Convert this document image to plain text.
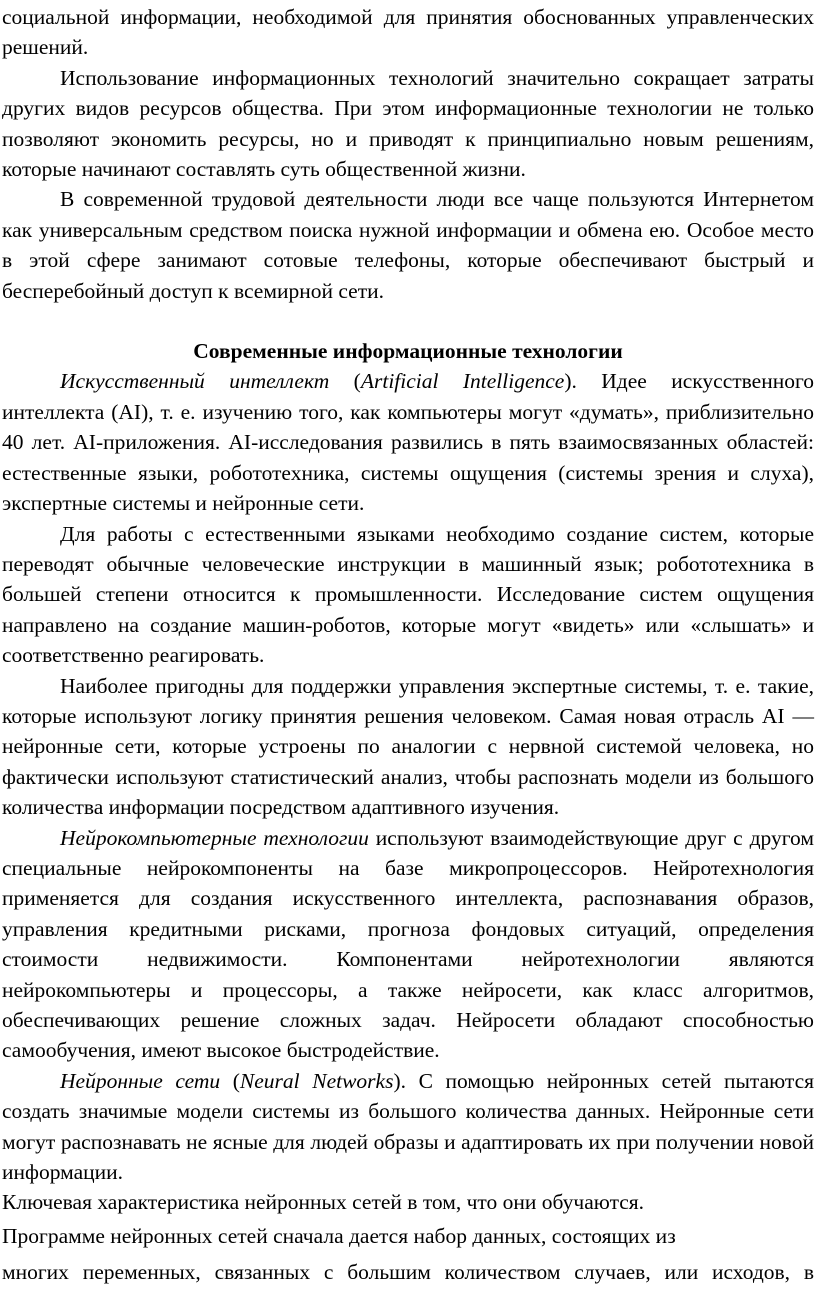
социальной информации, необходимой для принятия обоснованных управленческих решений.

Использование информационных технологий значительно сокращает затраты других видов ресурсов общества. При этом информационные технологии не только позволяют экономить ресурсы, но и приводят к принципиально новым решениям, которые начинают составлять суть общественной жизни.

В современной трудовой деятельности люди все чаще пользуются Интернетом как универсальным средством поиска нужной информации и обмена ею. Особое место в этой сфере занимают сотовые телефоны, которые обеспечивают быстрый и бесперебойный доступ к всемирной сети.

Современные информационные технологии

Искусственный интеллект (Artificial Intelligence). Идее искусственного интеллекта (AI), т. е. изучению того, как компьютеры могут «думать», приблизительно 40 лет. AI-приложения. AI-исследования развились в пять взаимосвязанных областей: естественные языки, робототехника, системы ощущения (системы зрения и слуха), экспертные системы и нейронные сети.

Для работы с естественными языками необходимо создание систем, которые переводят обычные человеческие инструкции в машинный язык; робототехника в большей степени относится к промышленности. Исследование систем ощущения направлено на создание машин-роботов, которые могут «видеть» или «слышать» и соответственно реагировать.

Наиболее пригодны для поддержки управления экспертные системы, т. е. такие, которые используют логику принятия решения человеком. Самая новая отрасль AI — нейронные сети, которые устроены по аналогии с нервной системой человека, но фактически используют статистический анализ, чтобы распознать модели из большого количества информации посредством адаптивного изучения.

Нейрокомпьютерные технологии используют взаимодействующие друг с другом специальные нейрокомпоненты на базе микропроцессоров. Нейротехнология применяется для создания искусственного интеллекта, распознавания образов, управления кредитными рисками, прогноза фондовых ситуаций, определения стоимости недвижимости. Компонентами нейротехнологии являются нейрокомпьютеры и процессоры, а также нейросети, как класс алгоритмов, обеспечивающих решение сложных задач. Нейросети обладают способностью самообучения, имеют высокое быстродействие.

Нейронные сети (Neural Networks). С помощью нейронных сетей пытаются создать значимые модели системы из большого количества данных. Нейронные сети могут распознавать не ясные для людей образы и адаптировать их при получении новой информации.

Ключевая характеристика нейронных сетей в том, что они обучаются.

Программе нейронных сетей сначала дается набор данных, состоящих из

многих переменных, связанных с большим количеством случаев, или исходов, в
